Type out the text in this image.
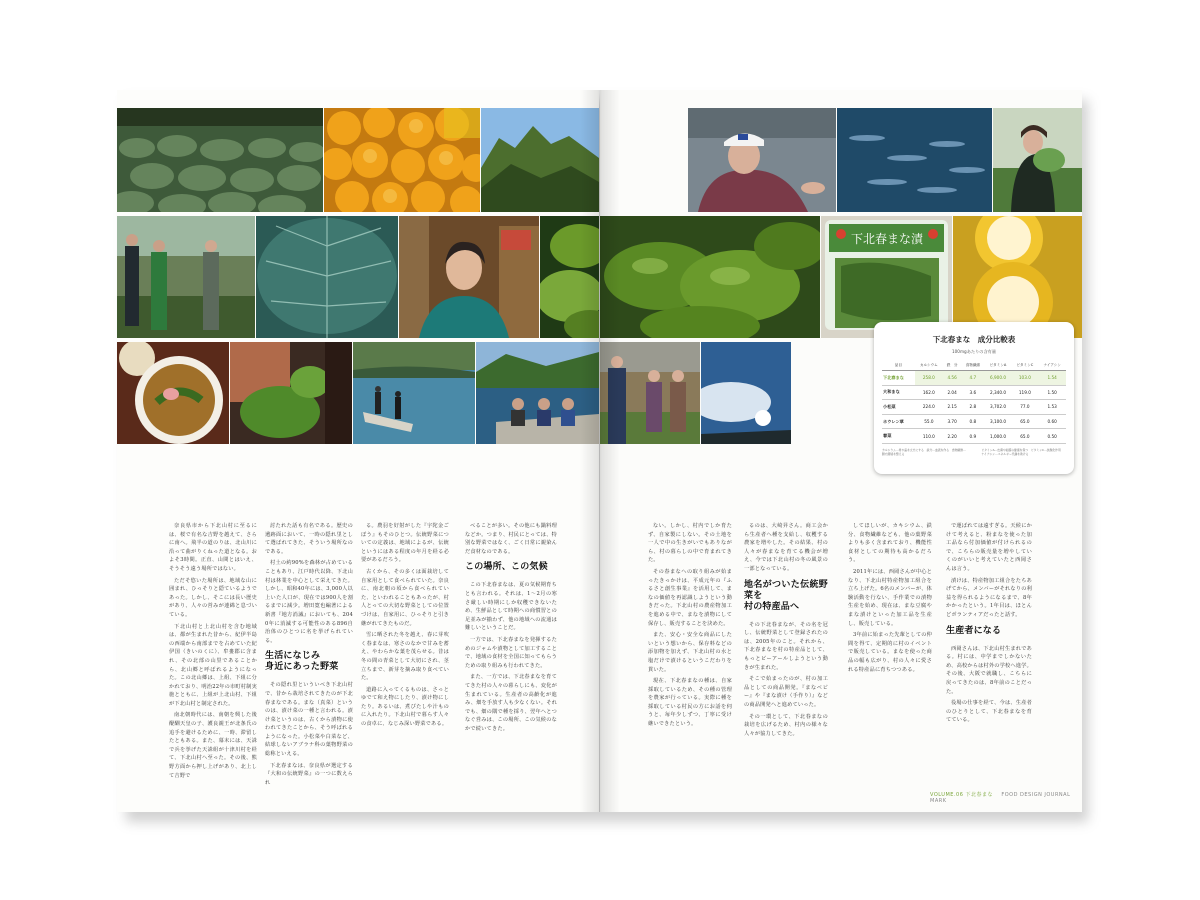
奈良県市から下北山村に至るには、桜で有名な吉野を越えて、さらに南へ。飛半の道のりは、北山川に沿って曲がりくねった道となる。およそ3時間。正直、山間とはいえ、そうそう遠う場所ではない。

ただそ悠いた場所は、地域な山に囲まれ、ひっそりと隠ているようであった。しかし、そこには長い歴史があり、人々の営みが連綿と息づいている。

下北山村と上北山村を含む地域は、都が生まれた昔から、紀伊半島の西端から南部までを占めていた紀伊国（きいのくに）、牟婁郡に含まれ、その北部の山里であることから、北山郷と呼ばれるようになった。この北山郷は、上組、下組に分かれており、明治22年の市町村制実施とともに、上組が上北山村、下組が下北山村と制定された。

南北朝時代には、南朝を興した後醍醐天皇の子、護良親王が北条氏の追手を避けるために、一時、滞留したともある。また、幕末には、天誅で兵を挙げた天誅組が十津川村を経て、下北山村へ至った。その後、熊野方面から押し上げがあり、北上して吉野で

討たれた話も有名である。歴史の遺跡面において、一時の隠れ里として選ばれてきた、そういう場所なのである。

村土の約90%を森林が占めていることもあり、江戸時代以降、下北山村は林業を中心として栄えてきた。しかし、昭和40年には、3,000人以上いた人口が、現在では900人を割るまでに減少。増田寛也編著による新書『地方消滅』においても、2040年に消滅する可能性のある896自治体のひとつに名を挙げられている。

生活になじみ
身近にあった野菜

その隠れ里といういべき下北山村で、昔から栽培されてきたのが下北春まなである。まな（真菜）というのは、漬け菜の一種と言われる。漬け菜というのは、古くから漬物に使われてきたことから、そう呼ばれるようになった。小松菜や白菜など、結球しないアブラナ科の葉物野菜の総称といえる。

下北春まなは、奈良県が選定する『大和の伝統野菜』の一つに数えられ

る。農羽を好射がした『宇陀金ごぼう』もそのひとつ。伝統野菜についての定義は、地域によるが、伝統というにはある程度の年月を経る必要があるだろう。

古くから、その多くは面栽培して自家用として食べられていた。奈良に、南北朝の頃から食べられていた、といわれることもあったが、村人とっての大切な野菜としての位置づけは、自家用に、ひっそりと引き継がれてきたものだ。

雪に晒された冬を越え、春に芽吹く春まなは、寒さのなかで甘みを蓄え、やわらかな葉を茂らせる。昔は冬の間の青菜として大切にされ、茎立ちまで、新芽を摘み取り食べていた。

道路に入ってくるものは、さっとゆでて和え物にしたり、漬け物にしたり。あるいは、煮びたしや汁ものに入れたり。下北山村で暮らす人々の食卓に、なじみ深い野菜である。

べることが多い。その他にも鍋料理などか。つまり、村民にとっては、特別な野菜ではなく、ごく日常に親染んだ食材なのである。

この場所、この気候

この下北春まなは、夏の気候期育ちとも言われる。それは、1～2月の寒さ厳しい時期にしか収穫できないため、生鮮品として時期への商慣習との足並みが揃わず、他の地域への流通は難しいということだ。

一方では、下北春まなを発揮するためのジャムや漬物として加工することで、地域の食材を全国に知ってもらうための取り組みも行われてきた。

また、一方では、下北春まなを育ててきた村の人々の暮らしにも、変化が生まれている。生産者の高齢化が進み、畑を手放す人も少なくない。それでも、畑の隅で種を採り、翌年へとつなぐ営みは、この場所、この気候のなかで続いてきた。

下北春まな漬

ない。しかし、村内でしか育たず、自家製にしない。その土地を一人で中の生きがいでもありながら、村の暮らしの中で育まれてきた。

その春まなへの取り組みが始まったきっかけは、平成元年の『ふるさと創生事業』を活用して、まなの価値を再認識しようという動きだった。下北山村の農産物加工を進める中で、まなを漬物にして保存し、販売することを決めた。

また、安心・安全な商品にしたいという想いから、保存料などの添加物を加えず、下北山村の水と塩だけで漬けるというこだわりを貫いた。

現在、下北春まなの種は、自家採取しているため、その種の管理を農家が行っている。実際に種を採取している村民の方にお話を伺うと、毎年少しずつ、丁寧に受け継いできたという。

るのは、大崎昇さん。商工会から生産者へ種を支給し、収穫する農家を増やした。その結果、村の人々が春まなを育てる機会が増え、今では下北山村の冬の風景の一部となっている。

地名がついた伝統野菜を
村の特産品へ

その下北春まなが、その名を冠し、伝統野菜として登録されたのは、2005年のこと。それから、下北春まなを村の特産品として、もっとピーアールしようという動きが生まれた。

そこで始まったのが、村の加工品としての商品開発。『まなベビー』や『まな漬け（手作り）』などの商品開発へと進めていった。

その一環として、下北春まなの栽培を広げるため、村内の様々な人々が協力してきた。

してほしいが、カキシウム、鉄分、食物繊維なども、他の葉野菜よりも多く含まれており、機能性食材としての期待も高かるだろう。

2011年には、西岡さんが中心となり、下北山村特産物加工組合を立ち上げた。6名のメンバーが、体験活動を行ない、手作業での漬物生産を始め、現在は、まな豆腐やまな漬けといった加工品を生産し、販売している。

3年前に始まった先輩としての仲間を得て、定期的に村のイベントで販売している。まなを使った商品の幅も広がり、村の人々に愛される特産品に育ちつつある。

で運ばれては遠すぎる。天候にかけて考えると、粉まなを使った加工品なら付加価値が付けられるので、こちらの販売量を増やしていくのがいいと考えていたと西岡さんは言う。

漬けは、特産物加工組合をたちあげてから、メンバーがそれなりの利益を得られるようになるまで、8年かかったという。1年目は、ほとんどボランティアだったと話す。

生産者になる

西岡さんは、下北山村生まれである。村には、中学までしかないため、高校からは村外の学校へ進学。その後、大阪で就職し、こちらに戻ってきたのは、8年前のことだった。

役場の仕事を経て、今は、生産者のひとりとして、下北春まなを育てている。

VOLUME.06 下北春まな FOOD DESIGN JOURNAL MARK
下北春まな　成分比較表
100mgあたりの含有量
品目	カルシウム	鉄　分	食物繊維	ビタミンA	ビタミンC	ナイアシン
下北春まな	258.0	4.56	4.7	6,900.0	103.0	1.54
大和まな	162.0	2.04	3.6	2,340.0	119.0	1.50
小松菜	224.0	2.15	2.8	3,702.0	77.0	1.53
ホウレン草	55.0	3.70	0.8	3,100.0	65.0	0.60
春菜	110.0	2.20	0.9	1,000.0	65.0	0.50
カルシウム…骨や歯を丈夫にする　鉄分…血液を作る　食物繊維…腸内環境を整える
ビタミンA…皮膚や粘膜の健康を保つ　ビタミンC…抗酸化作用　ナイアシン…エネルギー代謝を助ける
